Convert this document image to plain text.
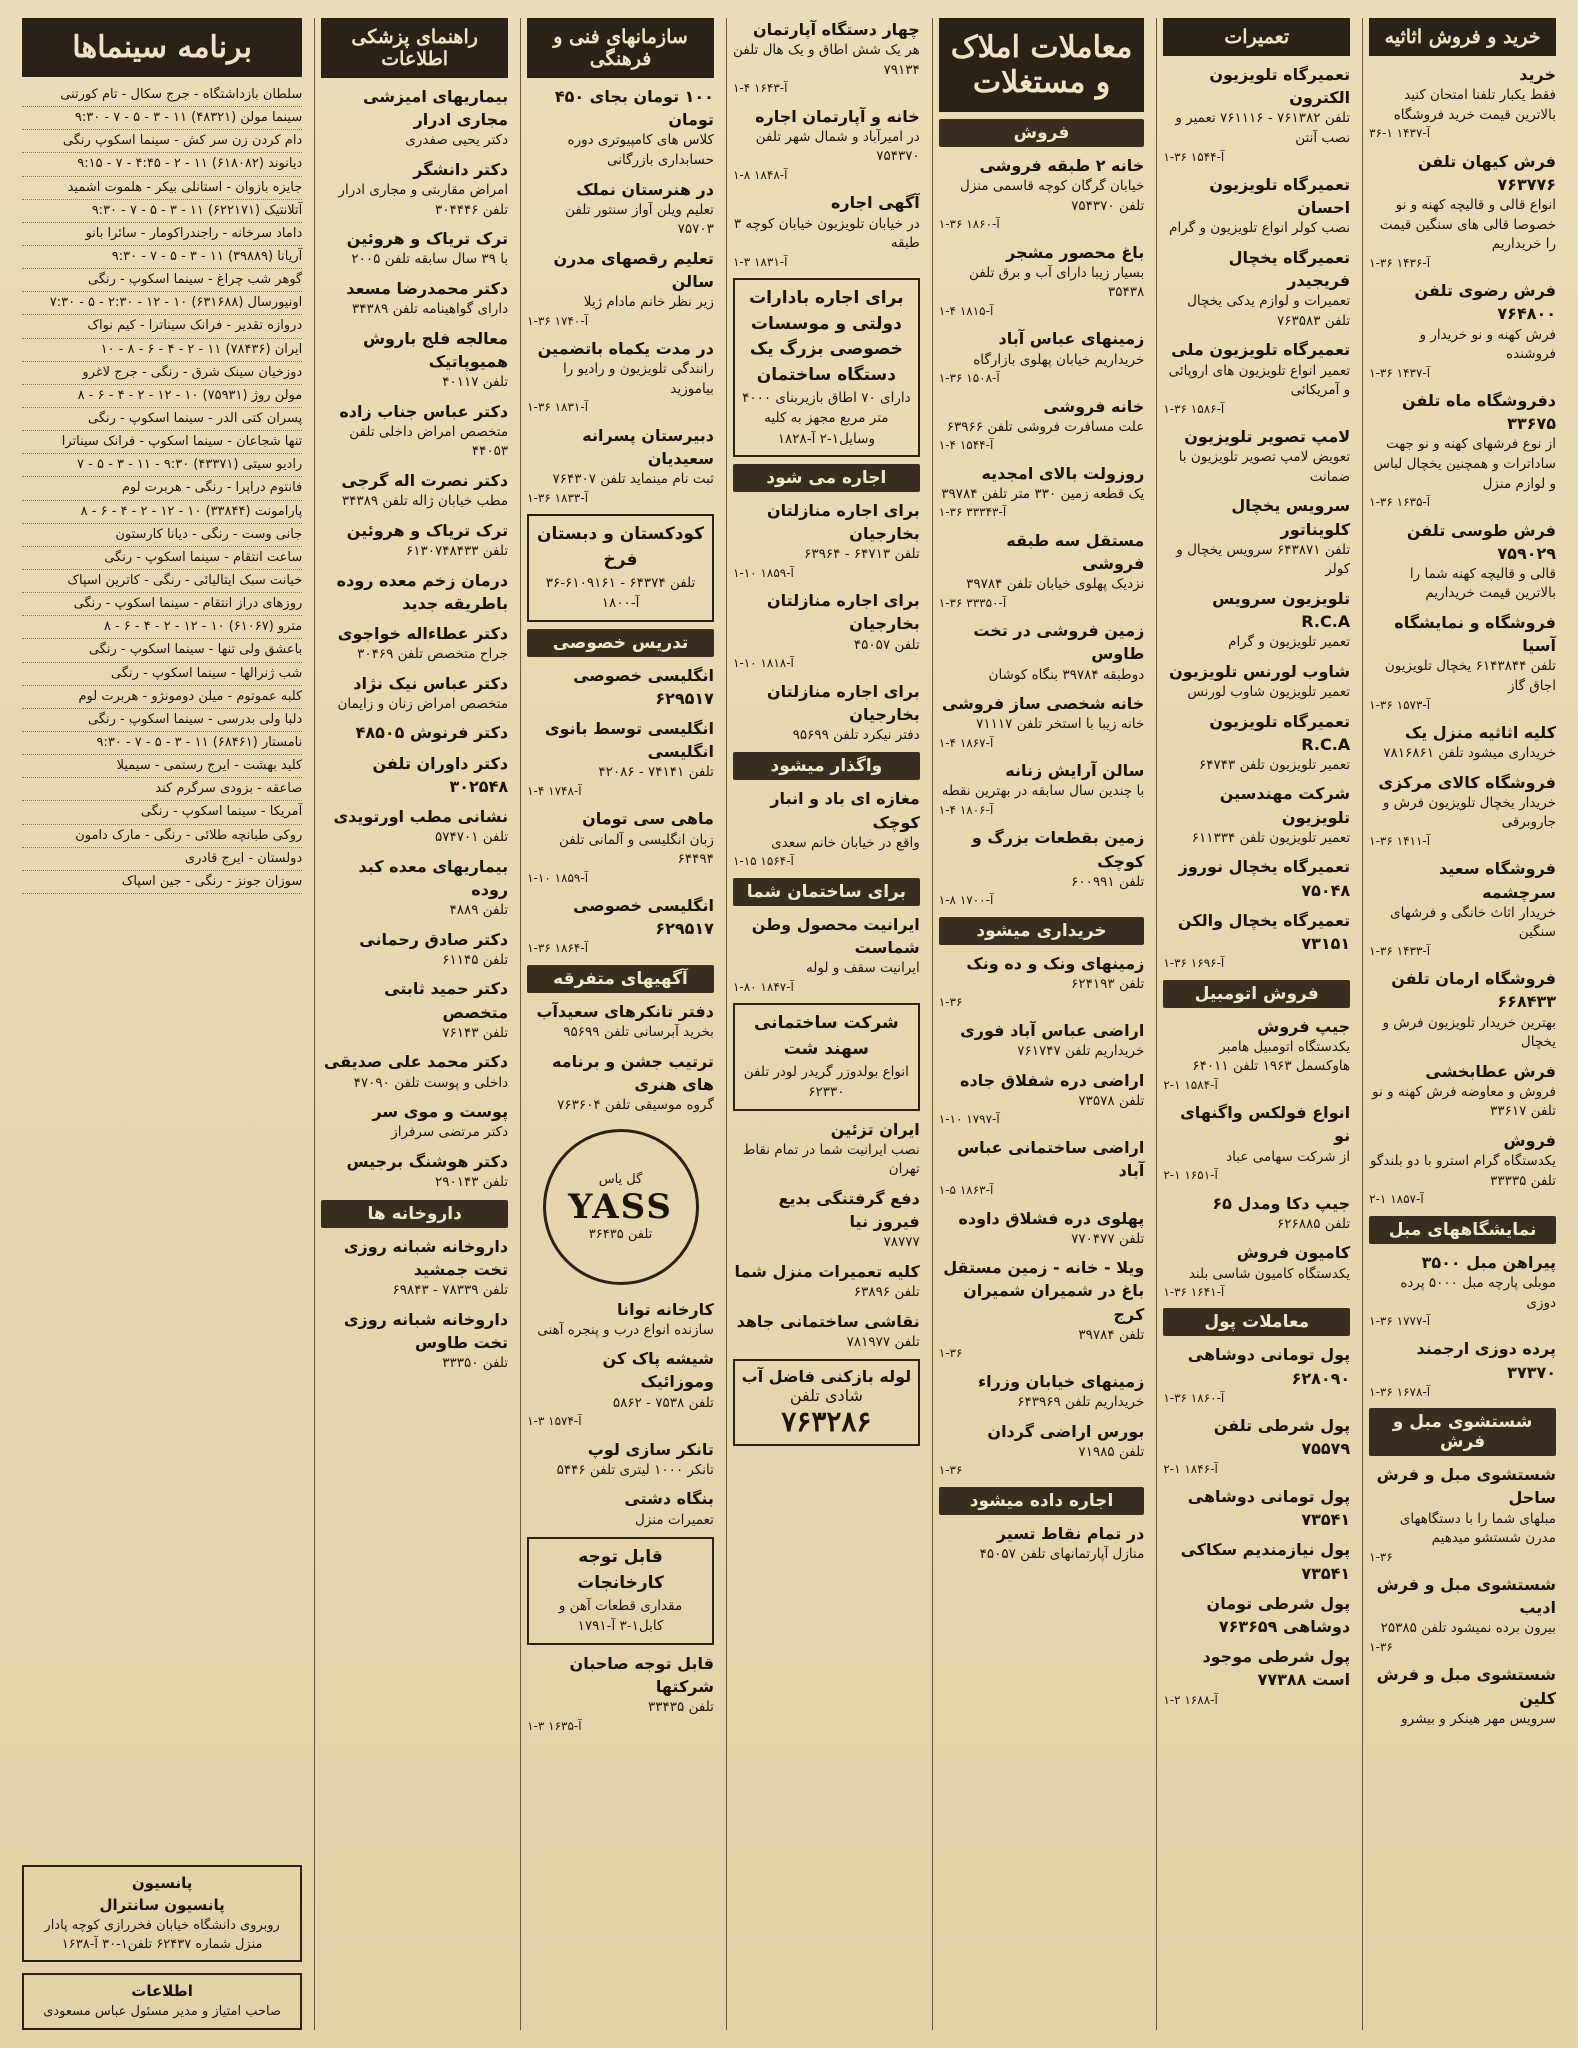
خرید و فروش اثاثیه
خرید
فقط یکبار تلفنا امتحان کنید بالاترین قیمت خرید فروشگاه
۳۶-۱ آ-۱۴۳۷
فرش کیهان تلفن ۷۶۳۷۷۶
انواع قالی و قالیچه کهنه و نو خصوصا قالی های سنگین قیمت را خریداریم
۱-۳۶ آ-۱۴۳۶
فرش رضوی تلفن ۷۶۴۸۰۰
فرش کهنه و نو خریدار و فروشنده
۱-۳۶ آ-۱۴۳۷
دفروشگاه ماه تلفن ۳۳۶۷۵
از نوع فرشهای کهنه و نو جهت ساداترات و همچنین یخچال لباس و لوازم منزل
۱-۳۶ آ-۱۶۳۵
فرش طوسی تلفن ۷۵۹۰۲۹
قالی و قالیچه کهنه شما را بالاترین قیمت خریداریم
فروشگاه و نمایشگاه آسیا
تلفن ۶۱۴۳۸۴۴ یخچال تلویزیون اجاق گاز
۱-۳۶ آ-۱۵۷۳
کلیه اثاثیه منزل یک
خریداری میشود تلفن ۷۸۱۶۸۶۱
فروشگاه کالای مرکزی
خریدار یخچال تلویزیون فرش و جاروبرقی
۱-۳۶ آ-۱۴۱۱
فروشگاه سعید سرچشمه
خریدار اثاث خانگی و فرشهای سنگین
۱-۳۶ آ-۱۴۳۳
فروشگاه ارمان تلفن ۶۶۸۴۳۳
بهترین خریدار تلویزیون فرش و یخچال
فرش عطابخشی
فروش و معاوضه فرش کهنه و نو تلفن ۳۳۶۱۷
فروش
یکدستگاه گرام استرو با دو بلندگو تلفن ۳۳۳۳۵
۲-۱ آ-۱۸۵۷
نمایشگاههای مبل
پیراهن مبل ۳۵۰۰
موبلی پارچه مبل ۵۰۰۰ پرده دوزی
۱-۳۶ آ-۱۷۷۷
پرده دوزی ارجمند ۳۷۳۷۰
۱-۳۶ آ-۱۶۷۸
شستشوی مبل و فرش
شستشوی مبل و فرش ساحل
مبلهای شما را با دستگاههای مدرن شستشو میدهیم
۱-۳۶
شستشوی مبل و فرش ادیب
بیرون برده نمیشود تلفن ۲۵۳۸۵
۱-۳۶
شستشوی مبل و فرش کلین
سرویس مهر هینکر و بیشرو
تعمیرات
تعمیرگاه تلویزیون الکترون
تلفن ۷۶۱۳۸۲ - ۷۶۱۱۱۶ تعمیر و نصب آنتن
۱-۳۶ آ-۱۵۴۴
تعمیرگاه تلویزیون احسان
نصب کولر انواع تلویزیون و گرام
تعمیرگاه یخچال فریجیدر
تعمیرات و لوازم یدکی یخچال تلفن ۷۶۳۵۸۳
تعمیرگاه تلویزیون ملی
تعمیر انواع تلویزیون های اروپائی و آمریکائی
۱-۳۶ آ-۱۵۸۶
لامپ تصویر تلویزیون
تعویض لامپ تصویر تلویزیون با ضمانت
سرویس یخچال کلویناتور
تلفن ۶۴۳۸۷۱ سرویس یخچال و کولر
تلویزیون سرویس R.C.A
تعمیر تلویزیون و گرام
شاوب لورنس تلویزیون
تعمیر تلویزیون شاوب لورنس
تعمیرگاه تلویزیون R.C.A
تعمیر تلویزیون تلفن ۶۴۷۴۳
شرکت مهندسین تلویزیون
تعمیر تلویزیون تلفن ۶۱۱۳۳۴
تعمیرگاه یخچال نوروز ۷۵۰۴۸
تعمیرگاه یخچال والکن ۷۳۱۵۱
۱-۳۶ آ-۱۶۹۶
فروش اتومبیل
جیپ فروش
یکدستگاه اتومبیل هامبر هاوکسمل ۱۹۶۳ تلفن ۶۴۰۱۱
۲-۱ آ-۱۵۸۴
انواع فولکس واگنهای نو
از شرکت سهامی عباد
۲-۱ آ-۱۶۵۱
جیپ دکا ومدل ۶۵
تلفن ۶۲۶۸۸۵
کامیون فروش
یکدستگاه کامیون شاسی بلند
۱-۳۶ آ-۱۶۴۱
معاملات پول
پول تومانی دوشاهی ۶۲۸۰۹۰
۱-۳۶ آ-۱۸۶۰
پول شرطی تلفن ۷۵۵۷۹
۲-۱ آ-۱۸۴۶
پول تومانی دوشاهی ۷۳۵۴۱
پول نیازمندیم سکاکی ۷۳۵۴۱
پول شرطی تومان دوشاهی ۷۶۳۶۵۹
پول شرطی موجود است ۷۷۳۸۸
۱-۲ آ-۱۶۸۸
معاملات املاک و مستغلات
فروش
خانه ۲ طبقه فروشی
خیابان گرگان کوچه قاسمی منزل تلفن ۷۵۴۳۷۰
۱-۳۶ آ-۱۸۶۰
باغ محصور مشجر
بسیار زیبا دارای آب و برق تلفن ۳۵۴۳۸
۱-۴ آ-۱۸۱۵
زمینهای عباس آباد
خریداریم خیابان پهلوی بازارگاه
۱-۳۶ آ-۱۵۰۸
خانه فروشی
علت مسافرت فروشی تلفن ۶۳۹۶۶
۱-۴ آ-۱۵۴۴
روزولت بالای امجدیه
یک قطعه زمین ۳۳۰ متر تلفن ۳۹۷۸۴
۱-۳۶ آ-۳۳۳۴۳
مستقل سه طبقه فروشی
نزدیک پهلوی خیابان تلفن ۳۹۷۸۴
۱-۳۶ آ-۳۳۳۵۰
زمین فروشی در تخت طاوس
دوطبقه ۳۹۷۸۴ بنگاه کوشان
خانه شخصی ساز فروشی
خانه زیبا با استخر تلفن ۷۱۱۱۷
۱-۴ آ-۱۸۶۷
سالن آرایش زنانه
با چندین سال سابقه در بهترین نقطه
۱-۴ آ-۱۸۰۶
زمین بقطعات بزرگ و کوچک
تلفن ۶۰۰۹۹۱
۱-۸ آ-۱۷۰۰
خریداری میشود
زمینهای ونک و ده ونک
تلفن ۶۲۴۱۹۳
۱-۳۶
اراضی عباس آباد فوری
خریداریم تلفن ۷۶۱۷۴۷
اراضی دره شفلاق جاده
تلفن ۷۳۵۷۸
۱-۱۰ آ-۱۷۹۷
اراضی ساختمانی عباس آباد
۱-۵ آ-۱۸۶۳
پهلوی دره فشلاق داوده
تلفن ۷۷۰۴۷۷
ویلا - خانه - زمین مستقل باغ در شمیران شمیران کرج
تلفن ۳۹۷۸۴
۱-۳۶
زمینهای خیابان وزراء
خریداریم تلفن ۶۴۳۹۶۹
بورس اراضی گردان
تلفن ۷۱۹۸۵
۱-۳۶
اجاره داده میشود
در تمام نقاط تسیر
منازل آپارتمانهای تلفن ۴۵۰۵۷
چهار دستگاه آپارتمان
هر یک شش اطاق و یک هال تلفن ۷۹۱۳۴
۱-۴ آ-۱۶۴۳
خانه و آپارتمان اجاره
در امیرآباد و شمال شهر تلفن ۷۵۴۳۷۰
۱-۸ آ-۱۸۴۸
آگهی اجاره
در خیابان تلویزیون خیابان کوچه ۳ طبقه
۱-۳ آ-۱۸۳۱
برای اجاره بادارات دولتی و موسسات خصوصی بزرگ یک دستگاه ساختمان
دارای ۷۰ اطاق بازیربنای ۴۰۰۰ متر مربع مجهز به کلیه وسایل۱-۲ آ-۱۸۲۸
اجاره می شود
برای اجاره منازلتان بخارجیان
تلفن ۶۴۷۱۳ - ۶۳۹۶۴
۱-۱۰ آ-۱۸۵۹
برای اجاره منازلتان بخارجیان
تلفن ۴۵۰۵۷
۱-۱۰ آ-۱۸۱۸
برای اجاره منازلتان بخارجیان
دفتر نیکرد تلفن ۹۵۶۹۹
واگذار میشود
مغازه ای باد و انبار کوچک
واقع در خیابان خانم سعدی
۱-۱۵ آ-۱۵۶۴
برای ساختمان شما
ایرانیت محصول وطن شماست
ایرانیت سقف و لوله
۱-۸۰ آ-۱۸۴۷
شرکت ساختمانی سهند شت
انواع بولدوزر گریدر لودر تلفن ۶۲۳۳۰
ایران تزئین
نصب ایرانیت شما در تمام نقاط تهران
دفع گرفتنگی بدیع فیروز نیا
۷۸۷۷۷
کلیه تعمیرات منزل شما
تلفن ۶۳۸۹۶
نقاشی ساختمانی جاهد
تلفن ۷۸۱۹۷۷
لوله بازکنی فاضل آب
شادی تلفن
۷۶۳۲۸۶
سازمانهای فنی و فرهنگی
۱۰۰ تومان بجای ۴۵۰ تومان
کلاس های کامپیوتری دوره حسابداری بازرگانی
در هنرستان نملک
تعلیم ویلن آواز سنتور تلفن ۷۵۷۰۳
تعلیم رقصهای مدرن سالن
زیر نظر خانم مادام ژیلا
۱-۳۶ آ-۱۷۴۰
در مدت یکماه باتضمین
رانندگی تلویزیون و رادیو را بیاموزید
۱-۳۶ آ-۱۸۳۱
دبیرستان پسرانه سعیدیان
ثبت نام مینماید تلفن ۷۶۴۳۰۷
۱-۳۶ آ-۱۸۳۳
کودکستان و دبستان فرخ
تلفن ۶۴۳۷۴ - ۶۱۰۹۱۶۱-۳۶ آ-۱۸۰۰
تدریس خصوصی
انگلیسی خصوصی ۶۲۹۵۱۷
انگلیسی توسط بانوی انگلیسی
تلفن ۷۴۱۴۱ - ۴۲۰۸۶
۱-۴ آ-۱۷۴۸
ماهی سی تومان
زبان انگلیسی و آلمانی تلفن ۶۴۴۹۴
۱-۱۰ آ-۱۸۵۹
انگلیسی خصوصی ۶۲۹۵۱۷
۱-۳۶ آ-۱۸۶۴
آگهیهای متفرقه
دفتر تانکرهای سعیدآب
بخرید آبرسانی تلفن ۹۵۶۹۹
ترتیب جشن و برنامه های هنری
گروه موسیقی تلفن ۷۶۳۶۰۴
گل یاس
YASS
تلفن ۳۶۴۳۵
کارخانه توانا
سازنده انواع درب و پنجره آهنی
شیشه پاک کن وموزائیک
تلفن ۷۵۳۸ - ۵۸۶۲
۱-۳ آ-۱۵۷۴
تانکر سازی لوپ
تانکر ۱۰۰۰ لیتری تلفن ۵۴۴۶
بنگاه دشتی
تعمیرات منزل
قابل توجه کارخانجات
مقداری قطعات آهن و کابل۱-۳ آ-۱۷۹۱
قابل توجه صاحبان شرکتها
تلفن ۳۳۴۳۵
۱-۳ آ-۱۶۳۵
راهنمای پزشکی اطلاعات
بیماریهای امیزشی مجاری ادرار
دکتر یحیی صفدری
دکتر دانشگر
امراض مقاربتی و مجاری ادرار تلفن ۳۰۴۴۴۶
ترک تریاک و هروئین
با ۳۹ سال سابقه تلفن ۲۰۰۵
دکتر محمدرضا مسعد
دارای گواهینامه تلفن ۳۴۳۸۹
معالجه فلج باروش همیوپاتیک
تلفن ۴۰۱۱۷
دکتر عباس جناب زاده
متخصص امراض داخلی تلفن ۴۴۰۵۳
دکتر نصرت اله گرجی
مطب خیابان ژاله تلفن ۳۴۳۸۹
ترک تریاک و هروئین
تلفن ۶۱۳۰۷۴۸۴۳۳
درمان زخم معده روده باطریقه جدید
دکتر عطاءاله خواجوی
جراح متخصص تلفن ۳۰۴۶۹
دکتر عباس نیک نژاد
متخصص امراض زنان و زایمان
دکتر فرنوش ۴۸۵۰۵
دکتر داوران تلفن ۳۰۲۵۴۸
نشانی مطب اورتویدی
تلفن ۵۷۴۷۰۱
بیماریهای معده کبد روده
تلفن ۴۸۸۹
دکتر صادق رحمانی
تلفن ۶۱۱۴۵
دکتر حمید ثابتی متخصص
تلفن ۷۶۱۴۳
دکتر محمد علی صدیقی
داخلی و پوست تلفن ۴۷۰۹۰
پوست و موی سر
دکتر مرتضی سرفراز
دکتر هوشنگ برجیس
تلفن ۲۹۰۱۴۳
داروخانه ها
داروخانه شبانه روزی تخت جمشید
تلفن ۷۸۳۳۹ - ۶۹۸۴۳
داروخانه شبانه روزی تخت طاوس
تلفن ۳۳۳۵۰
برنامه سینماها
سلطان بازداشتگاه - جرج سکال - تام کورتنی
سینما مولن (۴۸۳۲۱) ۱۱ - ۳ - ۵ - ۷ - ۹:۳۰
دام کردن زن سر کش - سینما اسکوپ رنگی
دیانوند (۶۱۸۰۸۲) ۱۱ - ۲ - ۴:۴۵ - ۷ - ۹:۱۵
جایزه بازوان - استانلی بیکر - هلموت اشمید
آتلانتیک (۶۲۲۱۷۱) ۱۱ - ۳ - ۵ - ۷ - ۹:۳۰
داماد سرخانه - راجندراکومار - سائرا بانو
آریانا (۳۹۸۸۹) ۱۱ - ۳ - ۵ - ۷ - ۹:۳۰
گوهر شب چراغ - سینما اسکوپ - رنگی
اونیورسال (۶۳۱۶۸۸) ۱۰ - ۱۲ - ۲:۳۰ - ۵ - ۷:۳۰
دروازه تقدیر - فرانک سیناترا - کیم نواک
ایران (۷۸۴۳۶) ۱۱ - ۲ - ۴ - ۶ - ۸ - ۱۰
دوزخیان سینک شرق - رنگی - جرج لاغرو
مولن روژ (۷۵۹۳۱) ۱۰ - ۱۲ - ۲ - ۴ - ۶ - ۸
پسران کتی الدر - سینما اسکوپ - رنگی
تنها شجاعان - سینما اسکوپ - فرانک سیناترا
رادیو سیتی (۴۳۳۷۱) ۹:۳۰ - ۱۱ - ۳ - ۵ - ۷
فانتوم دراپرا - رنگی - هربرت لوم
پارامونت (۳۳۸۴۴) ۱۰ - ۱۲ - ۲ - ۴ - ۶ - ۸
جانی وست - رنگی - دیانا کارستون
ساعت انتقام - سینما اسکوپ - رنگی
خیانت سبک ایتالیائی - رنگی - کاترین اسپاک
روزهای دراز انتقام - سینما اسکوپ - رنگی
مترو (۶۱۰۶۷) ۱۰ - ۱۲ - ۲ - ۴ - ۶ - ۸
باعشق ولی تنها - سینما اسکوپ - رنگی
شب ژنرالها - سینما اسکوپ - رنگی
کلبه عموتوم - میلن دومونژو - هربرت لوم
دلبا ولی بدرسی - سینما اسکوپ - رنگی
نامستار (۶۸۴۶۱) ۱۱ - ۳ - ۵ - ۷ - ۹:۳۰
کلید بهشت - ایرج رستمی - سیمیلا
صاعقه - بزودی سرگرم کند
آمریکا - سینما اسکوپ - رنگی
روکی طبانچه طلائی - رنگی - مارک دامون
دولستان - ایرج قادری
سوزان جونز - رنگی - جین اسپاک
پانسیون
پانسیون سانترال
روبروی دانشگاه خیابان فخررازی کوچه پادار منزل شماره ۶۲۴۳۷ تلفن۱-۳۰ آ-۱۶۳۸
اطلاعات
صاحب امتیاز و مدیر مسئول عباس مسعودی
